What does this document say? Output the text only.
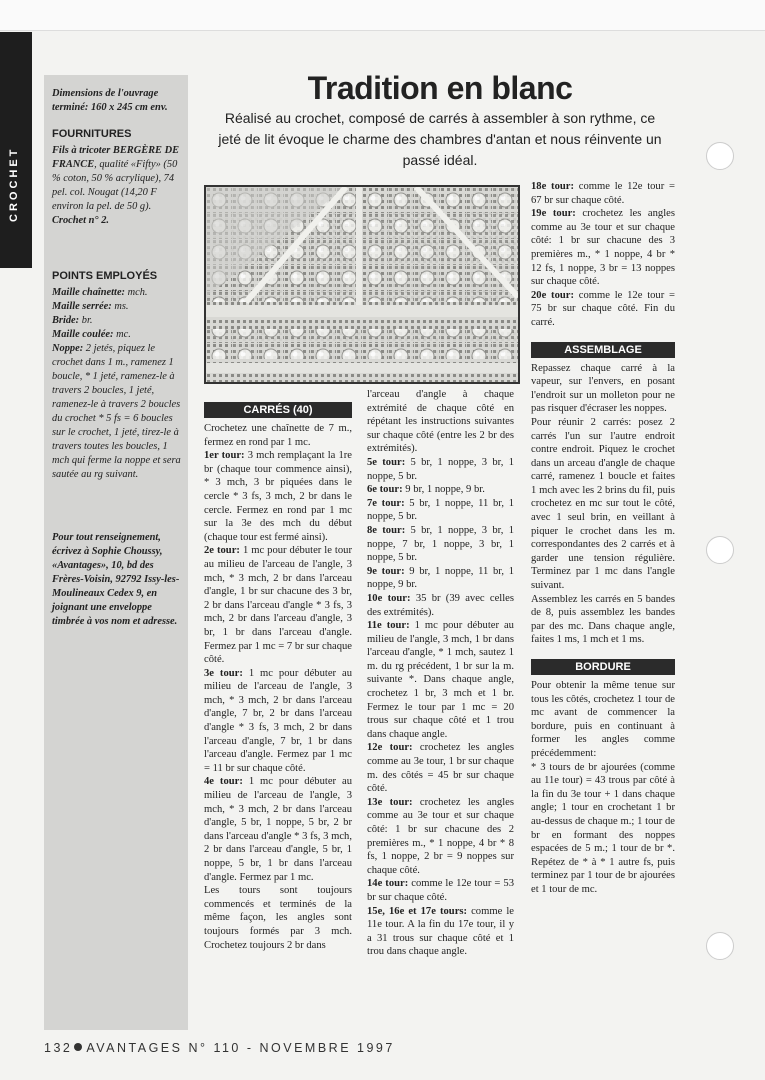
CROCHET
Dimensions de l'ouvrage terminé: 160 x 245 cm env.
FOURNITURES
Fils à tricoter BERGÈRE DE FRANCE, qualité «Fifty» (50 % coton, 50 % acrylique), 74 pel. col. Nougat (14,20 F environ la pel. de 50 g).
Crochet n° 2.
POINTS EMPLOYÉS
Maille chaînette: mch.
Maille serrée: ms.
Bride: br.
Maille coulée: mc.
Noppe: 2 jetés, piquez le crochet dans 1 m., ramenez 1 boucle, * 1 jeté, ramenez-le à travers 2 boucles, 1 jeté, ramenez-le à travers 2 boucles du crochet * 5 fs = 6 boucles sur le crochet, 1 jeté, tirez-le à travers toutes les boucles, 1 mch qui ferme la noppe et sera sautée au rg suivant.
Pour tout renseignement, écrivez à Sophie Choussy, «Avantages», 10, bd des Frères-Voisin, 92792 Issy-les-Moulineaux Cedex 9, en joignant une enveloppe timbrée à vos nom et adresse.
Tradition en blanc
Réalisé au crochet, composé de carrés à assembler à son rythme, ce jeté de lit évoque le charme des chambres d'antan et nous réinvente un passé idéal.
CARRÉS (40)

Crochetez une chaînette de 7 m., fermez en rond par 1 mc.

1er tour: 3 mch remplaçant la 1re br (chaque tour commence ainsi), * 3 mch, 3 br piquées dans le cercle * 3 fs, 3 mch, 2 br dans le cercle. Fermez en rond par 1 mc sur la 3e des mch du début (chaque tour est fermé ainsi).

2e tour: 1 mc pour débuter le tour au milieu de l'arceau de l'angle, 3 mch, * 3 mch, 2 br dans l'arceau d'angle, 1 br sur chacune des 3 br, 2 br dans l'arceau d'angle * 3 fs, 3 mch, 2 br dans l'arceau d'angle, 3 br, 1 br dans l'arceau d'angle. Fermez par 1 mc = 7 br sur chaque côté.

3e tour: 1 mc pour débuter au milieu de l'arceau de l'angle, 3 mch, * 3 mch, 2 br dans l'arceau d'angle, 7 br, 2 br dans l'arceau d'angle * 3 fs, 3 mch, 2 br dans l'arceau d'angle, 7 br, 1 br dans l'arceau d'angle. Fermez par 1 mc = 11 br sur chaque côté.

4e tour: 1 mc pour débuter au milieu de l'arceau de l'angle, 3 mch, * 3 mch, 2 br dans l'arceau d'angle, 5 br, 1 noppe, 5 br, 2 br dans l'arceau d'angle * 3 fs, 3 mch, 2 br dans l'arceau d'angle, 5 br, 1 noppe, 5 br, 1 br dans l'arceau d'angle. Fermez par 1 mc.

Les tours sont toujours commencés et terminés de la même façon, les angles sont toujours formés par 3 mch. Crochetez toujours 2 br dans

l'arceau d'angle à chaque extrémité de chaque côté en répétant les instructions suivantes sur chaque côté (entre les 2 br des extrémités).

5e tour: 5 br, 1 noppe, 3 br, 1 noppe, 5 br.

6e tour: 9 br, 1 noppe, 9 br.

7e tour: 5 br, 1 noppe, 11 br, 1 noppe, 5 br.

8e tour: 5 br, 1 noppe, 3 br, 1 noppe, 7 br, 1 noppe, 3 br, 1 noppe, 5 br.

9e tour: 9 br, 1 noppe, 11 br, 1 noppe, 9 br.

10e tour: 35 br (39 avec celles des extrémités).

11e tour: 1 mc pour débuter au milieu de l'angle, 3 mch, 1 br dans l'arceau d'angle, * 1 mch, sautez 1 m. du rg précédent, 1 br sur la m. suivante *. Dans chaque angle, crochetez 1 br, 3 mch et 1 br. Fermez le tour par 1 mc = 20 trous sur chaque côté et 1 trou dans chaque angle.

12e tour: crochetez les angles comme au 3e tour, 1 br sur chaque m. des côtés = 45 br sur chaque côté.

13e tour: crochetez les angles comme au 3e tour et sur chaque côté: 1 br sur chacune des 2 premières m., * 1 noppe, 4 br * 8 fs, 1 noppe, 2 br = 9 noppes sur chaque côté.

14e tour: comme le 12e tour = 53 br sur chaque côté.

15e, 16e et 17e tours: comme le 11e tour. A la fin du 17e tour, il y a 31 trous sur chaque côté et 1 trou dans chaque angle.

18e tour: comme le 12e tour = 67 br sur chaque côté.

19e tour: crochetez les angles comme au 3e tour et sur chaque côté: 1 br sur chacune des 3 premières m., * 1 noppe, 4 br * 12 fs, 1 noppe, 3 br = 13 noppes sur chaque côté.

20e tour: comme le 12e tour = 75 br sur chaque côté. Fin du carré.

ASSEMBLAGE

Repassez chaque carré à la vapeur, sur l'envers, en posant l'endroit sur un molleton pour ne pas risquer d'écraser les noppes.

Pour réunir 2 carrés: posez 2 carrés l'un sur l'autre endroit contre endroit. Piquez le crochet dans un arceau d'angle de chaque carré, ramenez 1 boucle et faites 1 mch avec les 2 brins du fil, puis crochetez en mc sur tout le côté, avec 1 seul brin, en veillant à piquer le crochet dans les m. correspondantes des 2 carrés et à garder une tension régulière. Terminez par 1 mc dans l'angle suivant.

Assemblez les carrés en 5 bandes de 8, puis assemblez les bandes par des mc. Dans chaque angle, faites 1 ms, 1 mch et 1 ms.

BORDURE

Pour obtenir la même tenue sur tous les côtés, crochetez 1 tour de mc avant de commencer la bordure, puis en continuant à former les angles comme précédemment:

* 3 tours de br ajourées (comme au 11e tour) = 43 trous par côté à la fin du 3e tour + 1 dans chaque angle; 1 tour en crochetant 1 br au-dessus de chaque m.; 1 tour de br en formant des noppes espacées de 5 m.; 1 tour de br *. Repétez de * à * 1 autre fs, puis terminez par 1 tour de br ajourées et 1 tour de mc.

132 AVANTAGES N° 110 - NOVEMBRE 1997
